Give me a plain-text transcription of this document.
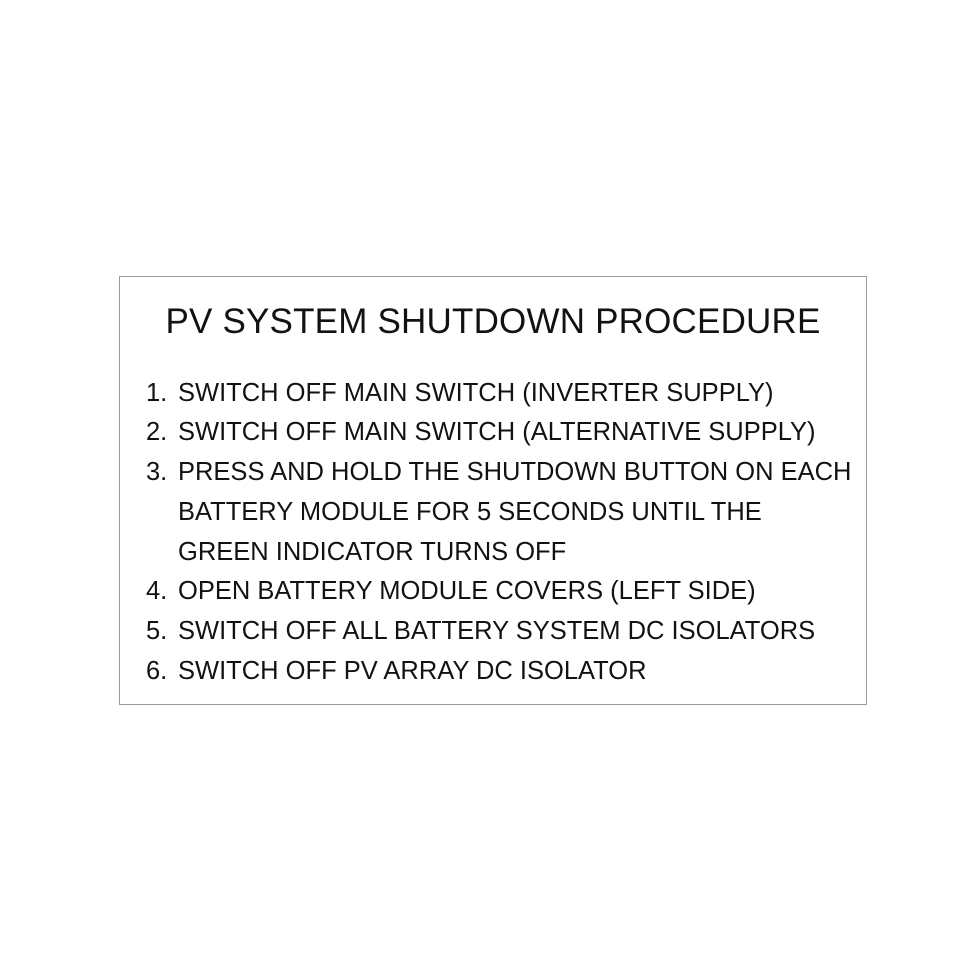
PV SYSTEM SHUTDOWN PROCEDURE
1. SWITCH OFF MAIN SWITCH (INVERTER SUPPLY)
2. SWITCH OFF MAIN SWITCH (ALTERNATIVE SUPPLY)
3. PRESS AND HOLD THE SHUTDOWN BUTTON ON EACH BATTERY MODULE FOR 5 SECONDS UNTIL THE GREEN INDICATOR TURNS OFF
4. OPEN BATTERY MODULE COVERS (LEFT SIDE)
5. SWITCH OFF ALL BATTERY SYSTEM DC ISOLATORS
6. SWITCH OFF PV ARRAY DC ISOLATOR
